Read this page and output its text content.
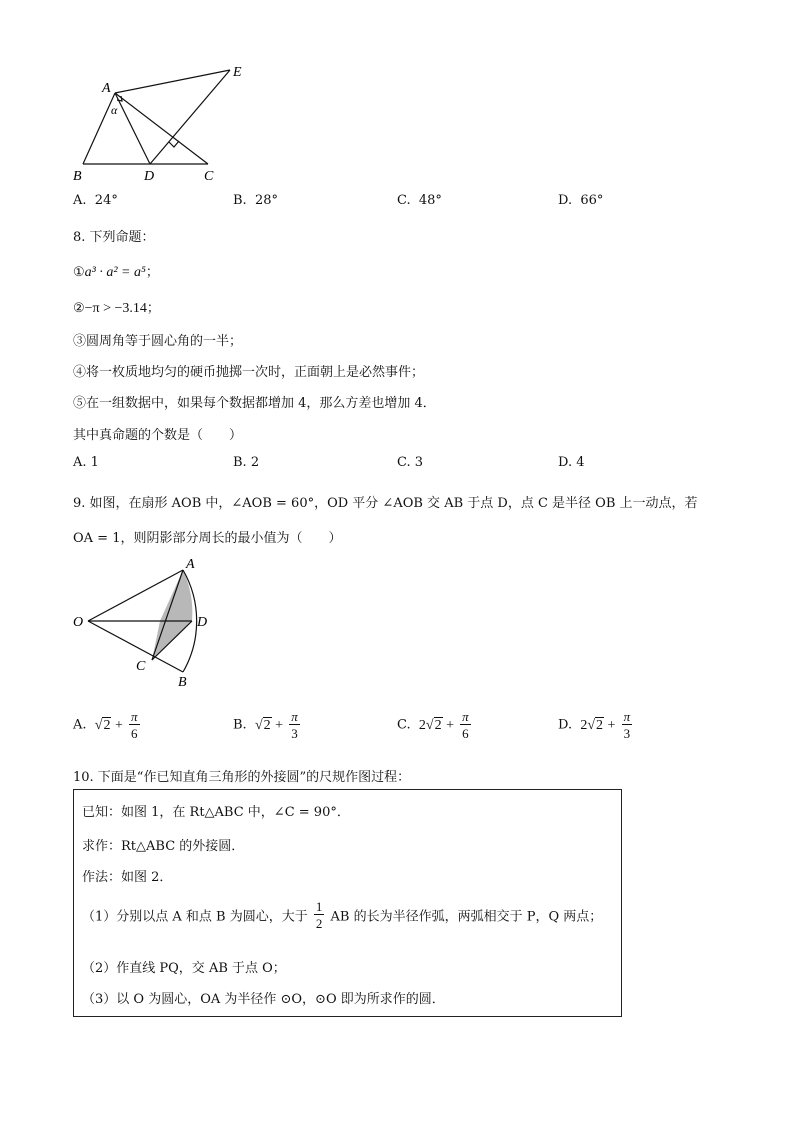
A
E
α
B	D	C
A. 24°	B. 28°	C. 48°	D. 66°
8. 下列命题：
①a³ · a² = a⁵；
②−π > −3.14；
③圆周角等于圆心角的一半；
④将一枚质地均匀的硬币抛掷一次时，正面朝上是必然事件；
⑤在一组数据中，如果每个数据都增加 4，那么方差也增加 4．
其中真命题的个数是（　　）
A. 1	B. 2	C. 3	D. 4
9. 如图，在扇形 AOB 中，∠AOB = 60°，OD 平分 ∠AOB 交 AB 于点 D，点 C 是半径 OB 上一动点，若
OA = 1，则阴影部分周长的最小值为（　　）
A
O	D
C
B
A. $√2 + \frac{\pi}{6}$	B. $√2 + \frac{\pi}{3}$	C. $2√2 + \frac{\pi}{6}$	D. $2√2 + \frac{\pi}{3}$
10. 下面是“作已知直角三角形的外接圆”的尺规作图过程：
已知：如图 1，在 Rt△ABC 中，∠C = 90°．
求作：Rt△ABC 的外接圆．
作法：如图 2．
（1）分别以点 A 和点 B 为圆心，大于 $\frac{1}{2}$ AB 的长为半径作弧，两弧相交于 P，Q 两点；
（2）作直线 PQ，交 AB 于点 O；
（3）以 O 为圆心，OA 为半径作 ⊙O，⊙O 即为所求作的圆．
